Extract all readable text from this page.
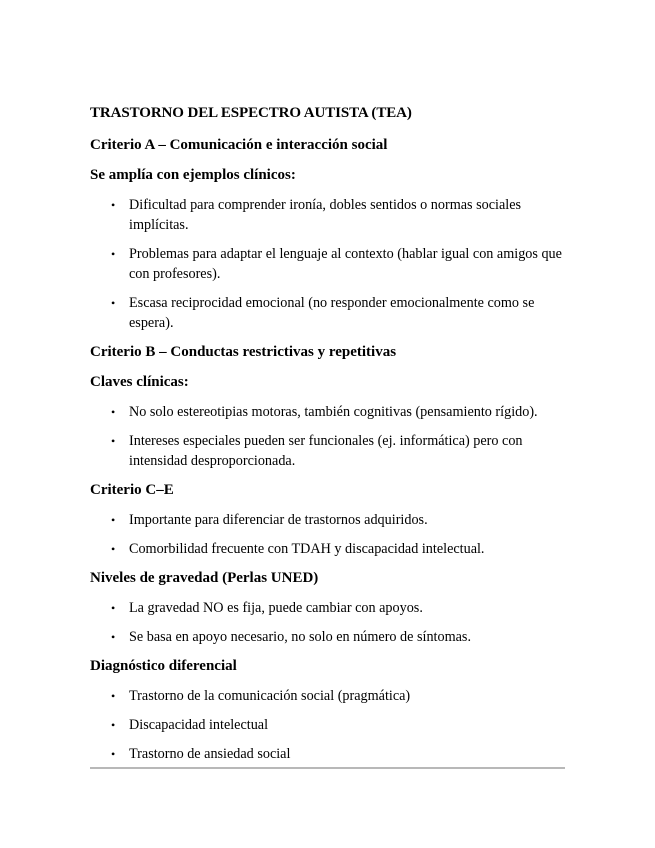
TRASTORNO DEL ESPECTRO AUTISTA (TEA)
Criterio A – Comunicación e interacción social
Se amplía con ejemplos clínicos:
• Dificultad para comprender ironía, dobles sentidos o normas sociales implícitas.
• Problemas para adaptar el lenguaje al contexto (hablar igual con amigos que con profesores).
• Escasa reciprocidad emocional (no responder emocionalmente como se espera).
Criterio B – Conductas restrictivas y repetitivas
Claves clínicas:
• No solo estereotipias motoras, también cognitivas (pensamiento rígido).
• Intereses especiales pueden ser funcionales (ej. informática) pero con intensidad desproporcionada.
Criterio C–E
• Importante para diferenciar de trastornos adquiridos.
• Comorbilidad frecuente con TDAH y discapacidad intelectual.
Niveles de gravedad (Perlas UNED)
• La gravedad NO es fija, puede cambiar con apoyos.
• Se basa en apoyo necesario, no solo en número de síntomas.
Diagnóstico diferencial
• Trastorno de la comunicación social (pragmática)
• Discapacidad intelectual
• Trastorno de ansiedad social
